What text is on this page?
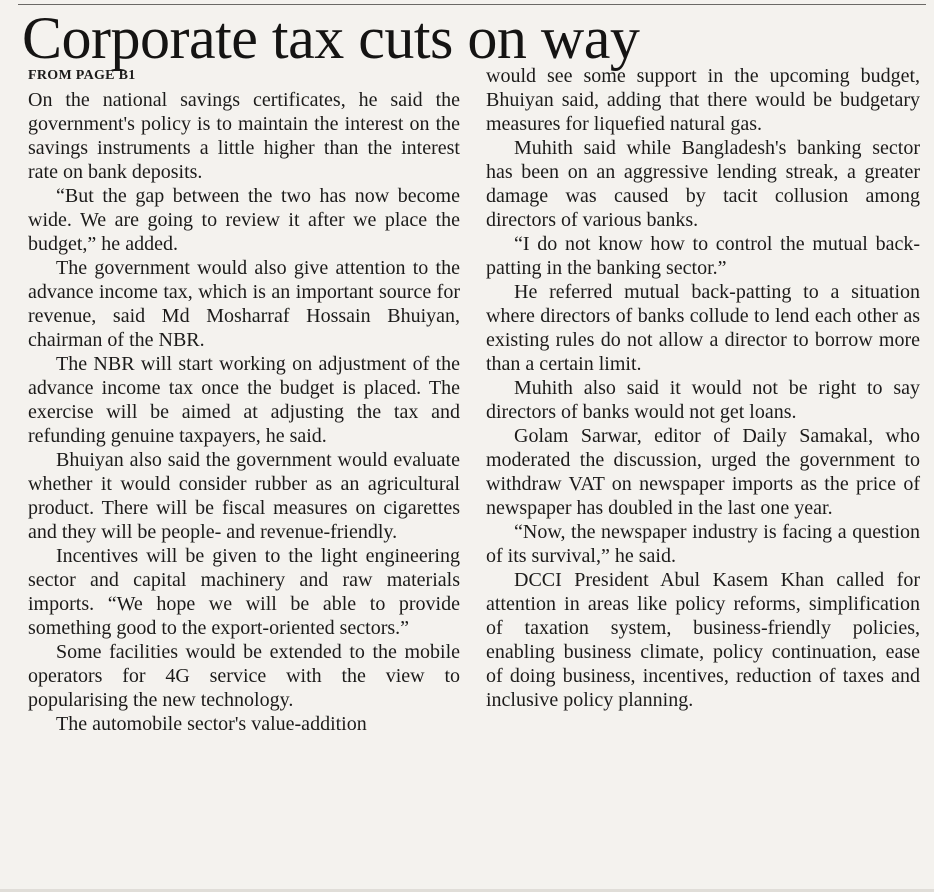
Corporate tax cuts on way
FROM PAGE B1

On the national savings certificates, he said the government's policy is to maintain the interest on the savings instruments a little higher than the interest rate on bank deposits.

“But the gap between the two has now become wide. We are going to review it after we place the budget,” he added.

The government would also give attention to the advance income tax, which is an important source for revenue, said Md Mosharraf Hossain Bhuiyan, chairman of the NBR.

The NBR will start working on adjustment of the advance income tax once the budget is placed. The exercise will be aimed at adjusting the tax and refunding genuine taxpayers, he said.

Bhuiyan also said the government would evaluate whether it would consider rubber as an agricultural product. There will be fiscal measures on cigarettes and they will be people- and revenue-friendly.

Incentives will be given to the light engineering sector and capital machinery and raw materials imports. “We hope we will be able to provide something good to the export-oriented sectors.”

Some facilities would be extended to the mobile operators for 4G service with the view to popularising the new technology.

The automobile sector's value-addition

would see some support in the upcoming budget, Bhuiyan said, adding that there would be budgetary measures for liquefied natural gas.

Muhith said while Bangladesh's banking sector has been on an aggressive lending streak, a greater damage was caused by tacit collusion among directors of various banks.

“I do not know how to control the mutual back-patting in the banking sector.”

He referred mutual back-patting to a situation where directors of banks collude to lend each other as existing rules do not allow a director to borrow more than a certain limit.

Muhith also said it would not be right to say directors of banks would not get loans.

Golam Sarwar, editor of Daily Samakal, who moderated the discussion, urged the government to withdraw VAT on newspaper imports as the price of newspaper has doubled in the last one year.

“Now, the newspaper industry is facing a question of its survival,” he said.

DCCI President Abul Kasem Khan called for attention in areas like policy reforms, simplification of taxation system, business-friendly policies, enabling business climate, policy continuation, ease of doing business, incentives, reduction of taxes and inclusive policy planning.
